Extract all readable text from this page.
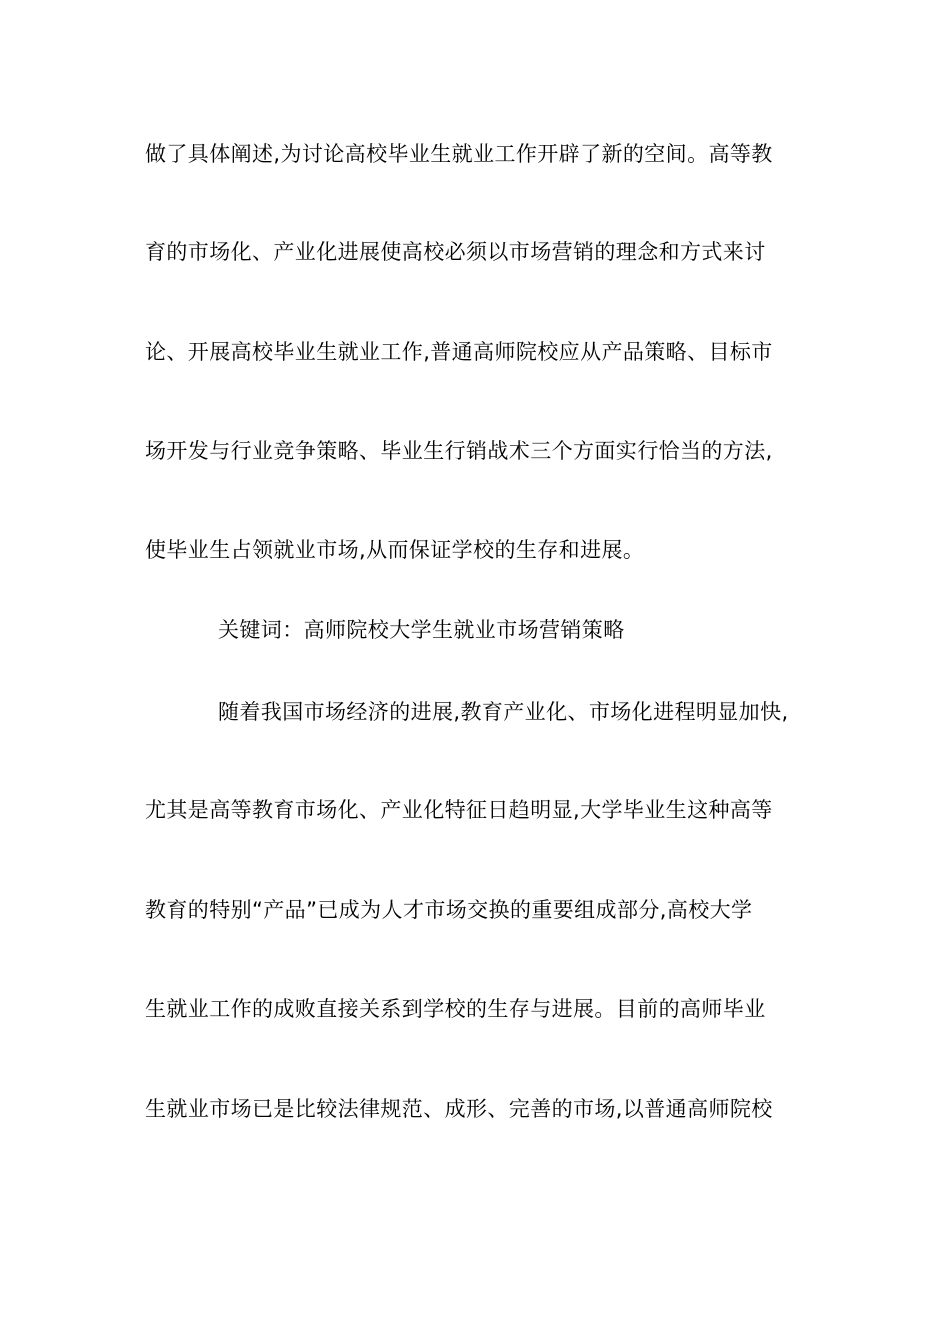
做了具体阐述,为讨论高校毕业生就业工作开辟了新的空间。高等教
育的市场化、产业化进展使高校必须以市场营销的理念和方式来讨
论、开展高校毕业生就业工作,普通高师院校应从产品策略、目标市
场开发与行业竞争策略、毕业生行销战术三个方面实行恰当的方法,
使毕业生占领就业市场,从而保证学校的生存和进展。
关键词：高师院校大学生就业市场营销策略
随着我国市场经济的进展,教育产业化、市场化进程明显加快,
尤其是高等教育市场化、产业化特征日趋明显,大学毕业生这种高等
教育的特别“产品”已成为人才市场交换的重要组成部分,高校大学
生就业工作的成败直接关系到学校的生存与进展。目前的高师毕业
生就业市场已是比较法律规范、成形、完善的市场,以普通高师院校
